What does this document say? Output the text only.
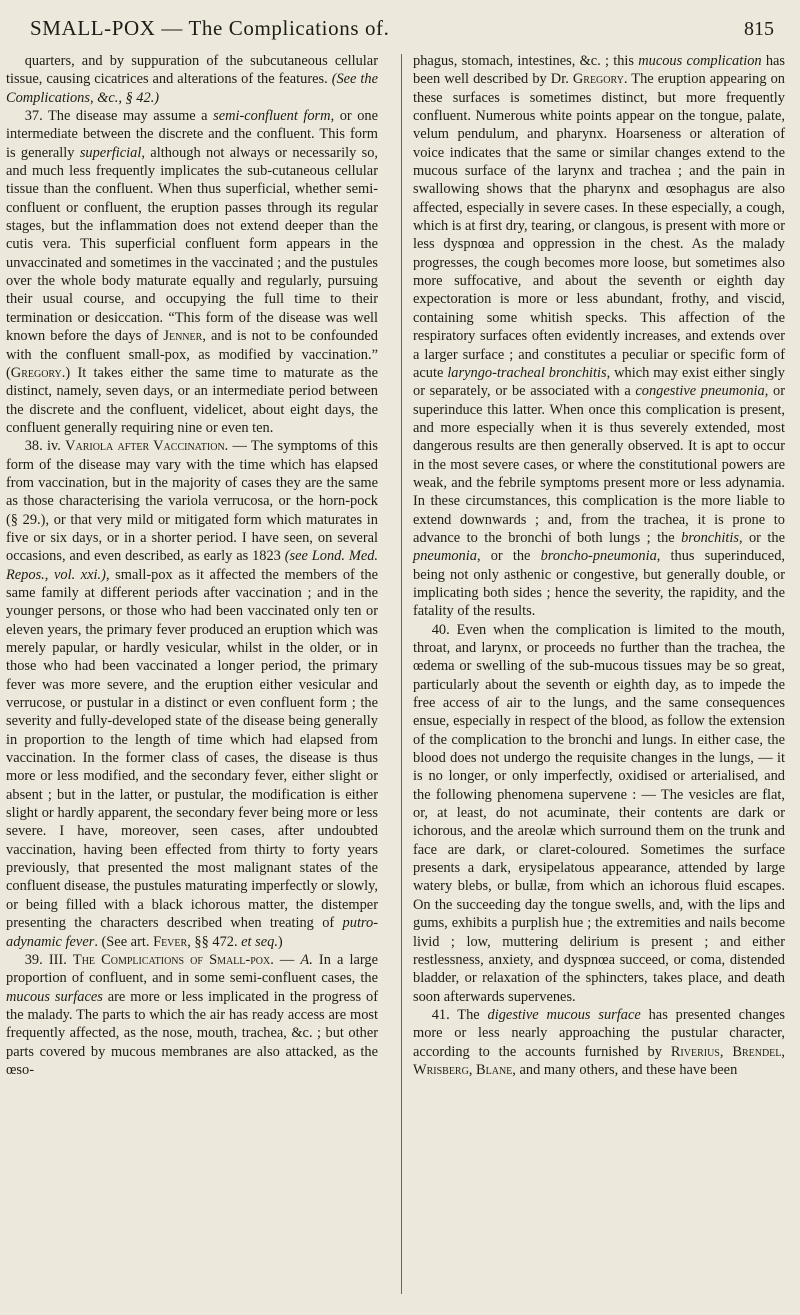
SMALL-POX — The Complications of.	815

quarters, and by suppuration of the subcutaneous cellular tissue, causing cicatrices and alterations of the features. (See the Complications, &c., § 42.)

37. The disease may assume a semi-confluent form, or one intermediate between the discrete and the confluent. This form is generally superficial, although not always or necessarily so, and much less frequently implicates the sub-cutaneous cellular tissue than the confluent. When thus superficial, whether semi-confluent or confluent, the eruption passes through its regular stages, but the inflammation does not extend deeper than the cutis vera. This superficial confluent form appears in the unvaccinated and sometimes in the vaccinated ; and the pustules over the whole body maturate equally and regularly, pursuing their usual course, and occupying the full time to their termination or desiccation. “This form of the disease was well known before the days of Jenner, and is not to be confounded with the confluent small-pox, as modified by vaccination.” (Gregory.) It takes either the same time to maturate as the distinct, namely, seven days, or an intermediate period between the discrete and the confluent, videlicet, about eight days, the confluent generally requiring nine or even ten.

38. iv. Variola after Vaccination. — The symptoms of this form of the disease may vary with the time which has elapsed from vaccination, but in the majority of cases they are the same as those characterising the variola verrucosa, or the horn-pock (§ 29.), or that very mild or mitigated form which maturates in five or six days, or in a shorter period. I have seen, on several occasions, and even described, as early as 1823 (see Lond. Med. Repos., vol. xxi.), small-pox as it affected the members of the same family at different periods after vaccination ; and in the younger persons, or those who had been vaccinated only ten or eleven years, the primary fever produced an eruption which was merely papular, or hardly vesicular, whilst in the older, or in those who had been vaccinated a longer period, the primary fever was more severe, and the eruption either vesicular and verrucose, or pustular in a distinct or even confluent form ; the severity and fully-developed state of the disease being generally in proportion to the length of time which had elapsed from vaccination. In the former class of cases, the disease is thus more or less modified, and the secondary fever, either slight or absent ; but in the latter, or pustular, the modification is either slight or hardly apparent, the secondary fever being more or less severe. I have, moreover, seen cases, after undoubted vaccination, having been effected from thirty to forty years previously, that presented the most malignant states of the confluent disease, the pustules maturating imperfectly or slowly, or being filled with a black ichorous matter, the distemper presenting the characters described when treating of putro-adynamic fever. (See art. Fever, §§ 472. et seq.)

39. III. The Complications of Small-pox. — A. In a large proportion of confluent, and in some semi-confluent cases, the mucous surfaces are more or less implicated in the progress of the malady. The parts to which the air has ready access are most frequently affected, as the nose, mouth, trachea, &c. ; but other parts covered by mucous membranes are also attacked, as the œso-

phagus, stomach, intestines, &c. ; this mucous complication has been well described by Dr. Gregory. The eruption appearing on these surfaces is sometimes distinct, but more frequently confluent. Numerous white points appear on the tongue, palate, velum pendulum, and pharynx. Hoarseness or alteration of voice indicates that the same or similar changes extend to the mucous surface of the larynx and trachea ; and the pain in swallowing shows that the pharynx and œsophagus are also affected, especially in severe cases. In these especially, a cough, which is at first dry, tearing, or clangous, is present with more or less dyspnœa and oppression in the chest. As the malady progresses, the cough becomes more loose, but sometimes also more suffocative, and about the seventh or eighth day expectoration is more or less abundant, frothy, and viscid, containing some whitish specks. This affection of the respiratory surfaces often evidently increases, and extends over a larger surface ; and constitutes a peculiar or specific form of acute laryngo-tracheal bronchitis, which may exist either singly or separately, or be associated with a congestive pneumonia, or superinduce this latter. When once this complication is present, and more especially when it is thus severely extended, most dangerous results are then generally observed. It is apt to occur in the most severe cases, or where the constitutional powers are weak, and the febrile symptoms present more or less adynamia. In these circumstances, this complication is the more liable to extend downwards ; and, from the trachea, it is prone to advance to the bronchi of both lungs ; the bronchitis, or the pneumonia, or the broncho-pneumonia, thus superinduced, being not only asthenic or congestive, but generally double, or implicating both sides ; hence the severity, the rapidity, and the fatality of the results.

40. Even when the complication is limited to the mouth, throat, and larynx, or proceeds no further than the trachea, the œdema or swelling of the sub-mucous tissues may be so great, particularly about the seventh or eighth day, as to impede the free access of air to the lungs, and the same consequences ensue, especially in respect of the blood, as follow the extension of the complication to the bronchi and lungs. In either case, the blood does not undergo the requisite changes in the lungs, — it is no longer, or only imperfectly, oxidised or arterialised, and the following phenomena supervene : — The vesicles are flat, or, at least, do not acuminate, their contents are dark or ichorous, and the areolæ which surround them on the trunk and face are dark, or claret-coloured. Sometimes the surface presents a dark, erysipelatous appearance, attended by large watery blebs, or bullæ, from which an ichorous fluid escapes. On the succeeding day the tongue swells, and, with the lips and gums, exhibits a purplish hue ; the extremities and nails become livid ; low, muttering delirium is present ; and either restlessness, anxiety, and dyspnœa succeed, or coma, distended bladder, or relaxation of the sphincters, takes place, and death soon afterwards supervenes.

41. The digestive mucous surface has presented changes more or less nearly approaching the pustular character, according to the accounts furnished by Riverius, Brendel, Wrisberg, Blane, and many others, and these have been
